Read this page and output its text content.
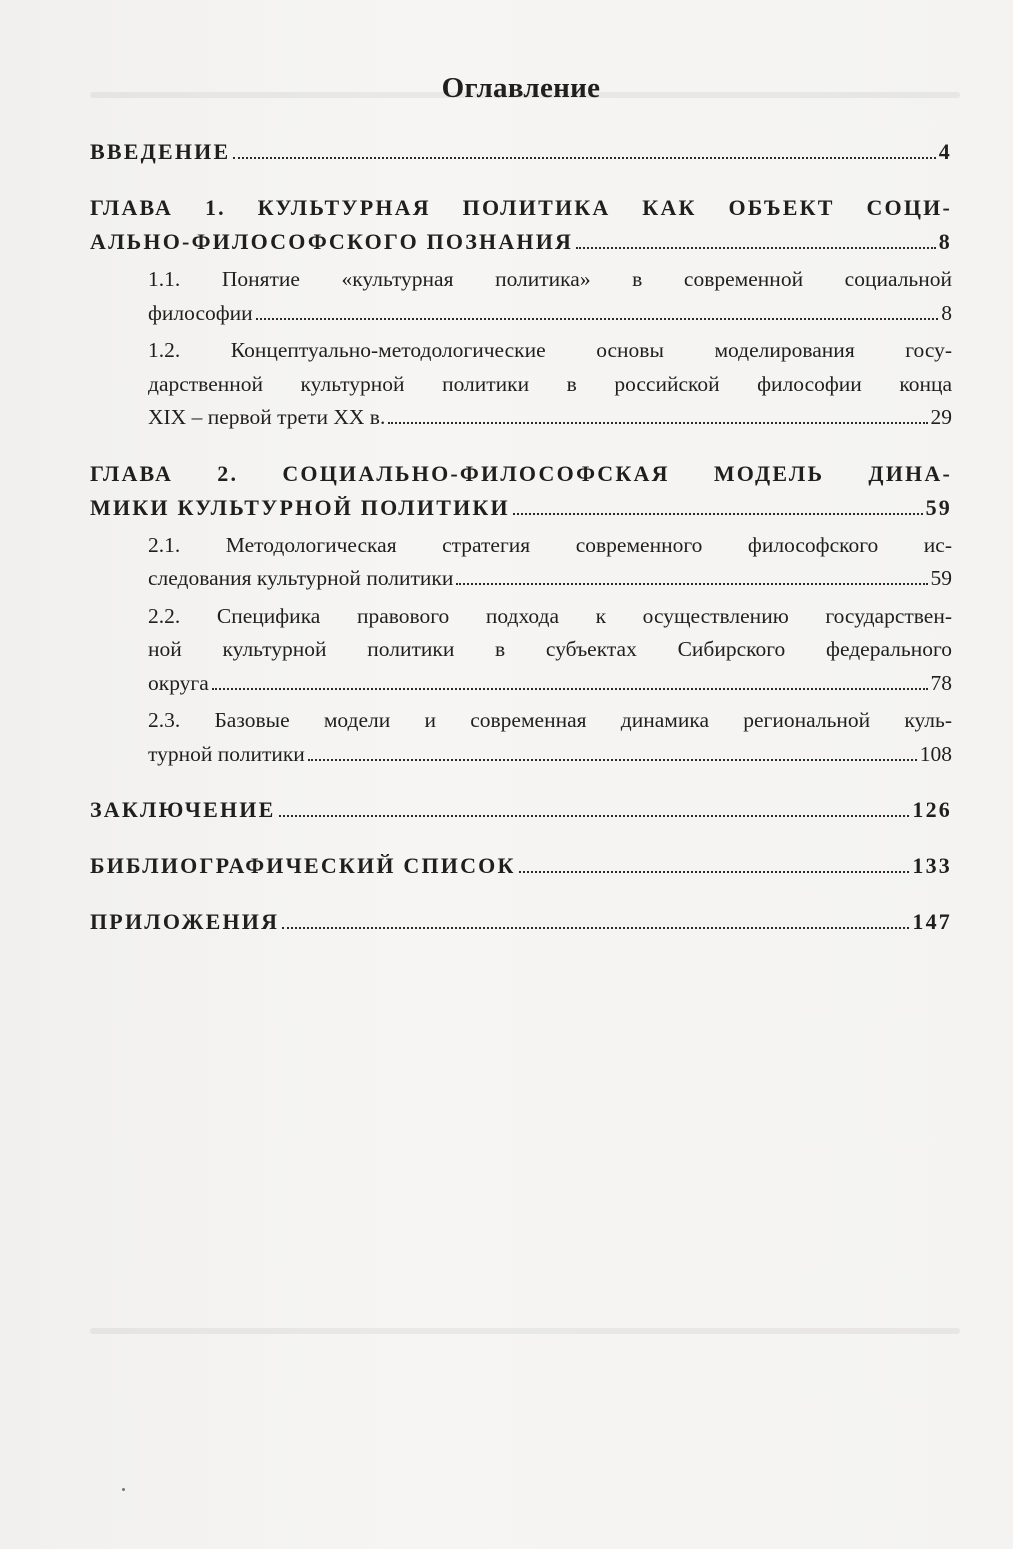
Оглавление
ВВЕДЕНИЕ	4
ГЛАВА 1. КУЛЬТУРНАЯ ПОЛИТИКА КАК ОБЪЕКТ СОЦИ-
АЛЬНО-ФИЛОСОФСКОГО ПОЗНАНИЯ	8
1.1. Понятие «культурная политика» в современной социальной
философии	8
1.2. Концептуально-методологические основы моделирования госу-
дарственной культурной политики в российской философии конца
XIX – первой трети XX в.	29
ГЛАВА 2. СОЦИАЛЬНО-ФИЛОСОФСКАЯ МОДЕЛЬ ДИНА-
МИКИ КУЛЬТУРНОЙ ПОЛИТИКИ	59
2.1. Методологическая стратегия современного философского ис-
следования культурной политики	59
2.2. Специфика правового подхода к осуществлению государствен-
ной культурной политики в субъектах Сибирского федерального
округа	78
2.3. Базовые модели и современная динамика региональной куль-
турной политики	108
ЗАКЛЮЧЕНИЕ	126
БИБЛИОГРАФИЧЕСКИЙ СПИСОК	133
ПРИЛОЖЕНИЯ	147
